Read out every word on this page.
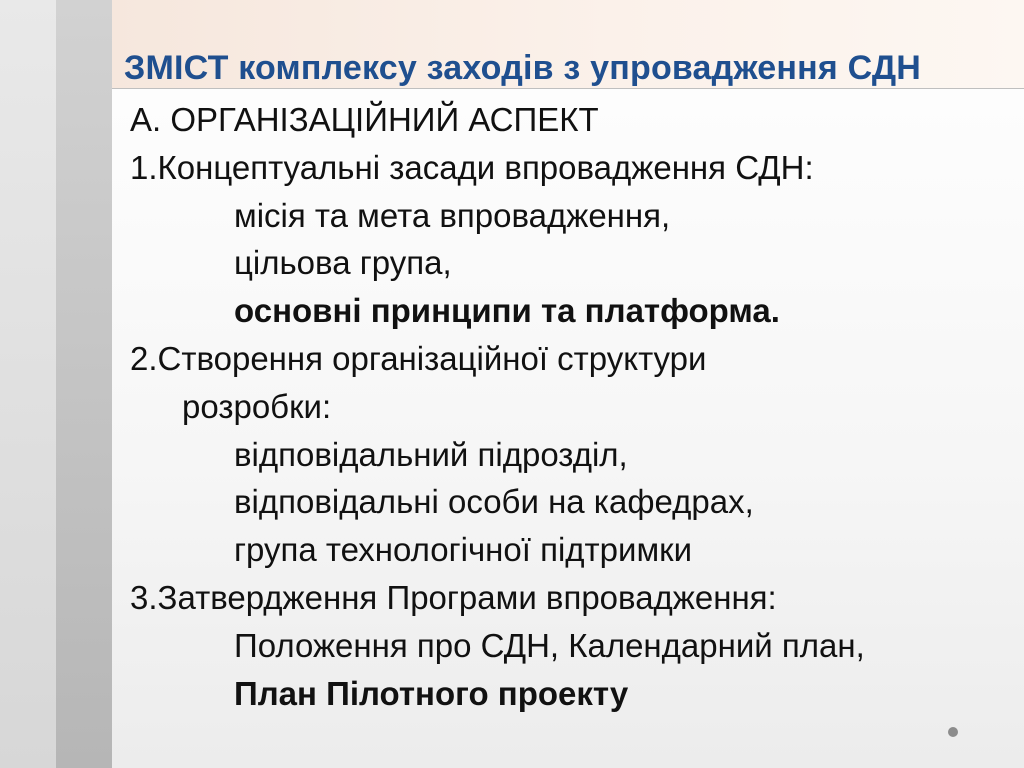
ЗМІСТ комплексу заходів з упровадження СДН
А. ОРГАНІЗАЦІЙНИЙ АСПЕКТ
1.Концептуальні засади впровадження СДН:
місія та мета впровадження,
цільова група,
основні принципи та платформа.
2.Створення організаційної структури
розробки:
відповідальний підрозділ,
відповідальні особи на кафедрах,
група технологічної підтримки
3.Затвердження Програми впровадження:
Положення про СДН, Календарний план,
План Пілотного проекту
